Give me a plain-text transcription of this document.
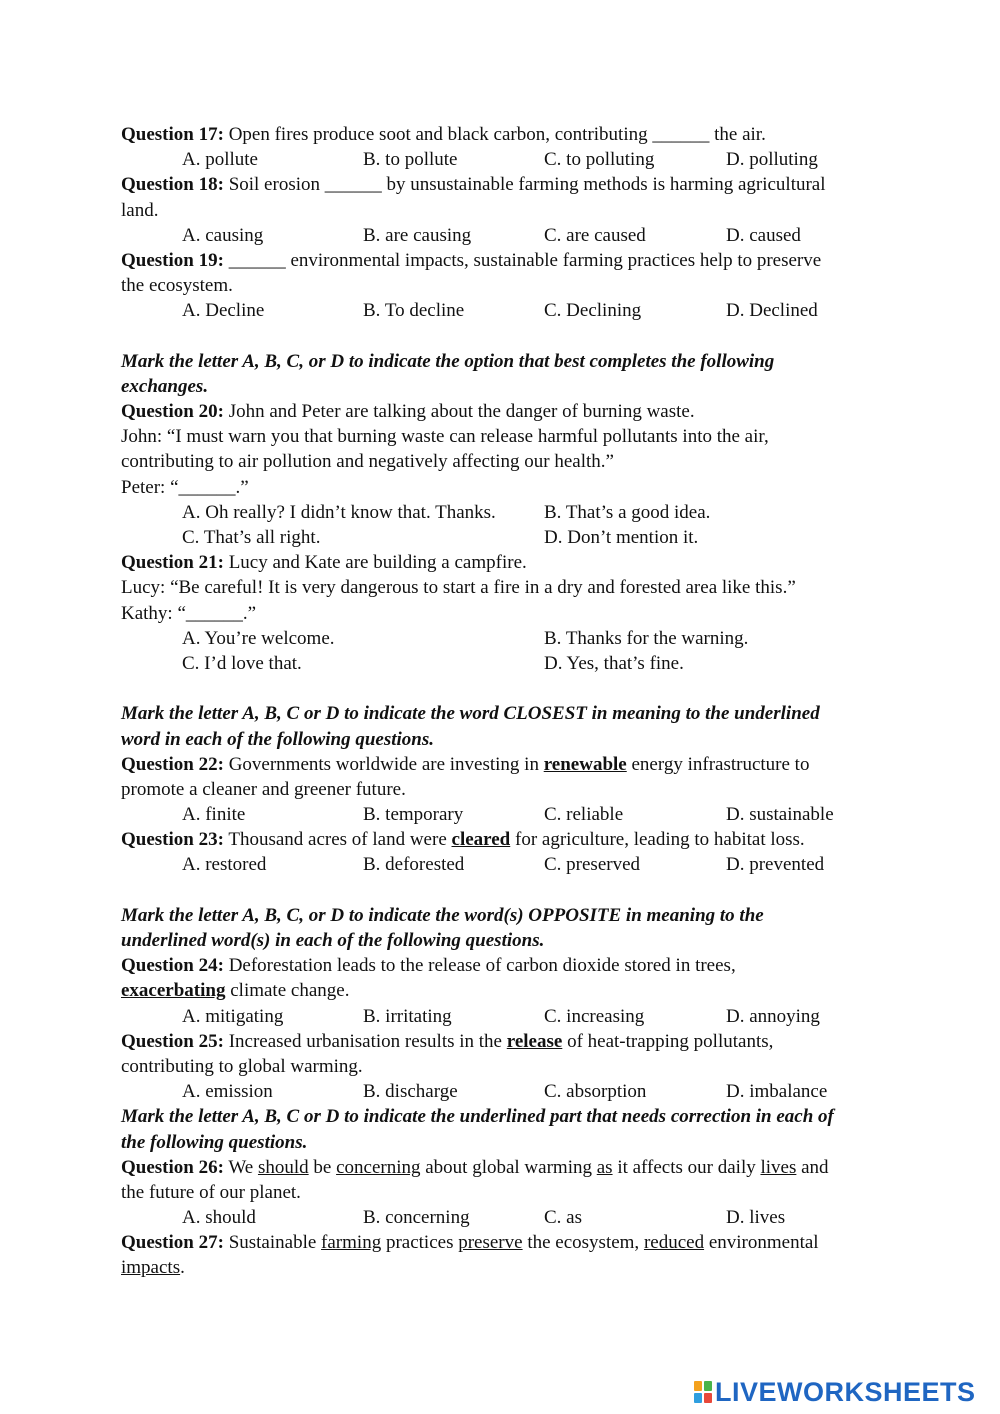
Question 17: Open fires produce soot and black carbon, contributing ______ the air.
A. pollute	B. to pollute	C. to polluting	D. polluting
Question 18: Soil erosion ______ by unsustainable farming methods is harming agricultural
land.
A. causing	B. are causing	C. are caused	D. caused
Question 19: ______ environmental impacts, sustainable farming practices help to preserve
the ecosystem.
A. Decline	B. To decline	C. Declining	D. Declined
Mark the letter A, B, C, or D to indicate the option that best completes the following
exchanges.
Question 20: John and Peter are talking about the danger of burning waste.
John: “I must warn you that burning waste can release harmful pollutants into the air,
contributing to air pollution and negatively affecting our health.”
Peter: “______.”
A. Oh really? I didn’t know that. Thanks.	B. That’s a good idea.
C. That’s all right.	D. Don’t mention it.
Question 21: Lucy and Kate are building a campfire.
Lucy: “Be careful! It is very dangerous to start a fire in a dry and forested area like this.”
Kathy: “______.”
A. You’re welcome.	B. Thanks for the warning.
C. I’d love that.	D. Yes, that’s fine.
Mark the letter A, B, C or D to indicate the word CLOSEST in meaning to the underlined
word in each of the following questions.
Question 22: Governments worldwide are investing in renewable energy infrastructure to
promote a cleaner and greener future.
A. finite	B. temporary	C. reliable	D. sustainable
Question 23: Thousand acres of land were cleared for agriculture, leading to habitat loss.
A. restored	B. deforested	C. preserved	D. prevented
Mark the letter A, B, C, or D to indicate the word(s) OPPOSITE in meaning to the
underlined word(s) in each of the following questions.
Question 24: Deforestation leads to the release of carbon dioxide stored in trees,
exacerbating climate change.
A. mitigating	B. irritating	C. increasing	D. annoying
Question 25: Increased urbanisation results in the release of heat-trapping pollutants,
contributing to global warming.
A. emission	B. discharge	C. absorption	D. imbalance
Mark the letter A, B, C or D to indicate the underlined part that needs correction in each of
the following questions.
Question 26: We should be concerning about global warming as it affects our daily lives and
the future of our planet.
A. should	B. concerning	C. as	D. lives
Question 27: Sustainable farming practices preserve the ecosystem, reduced environmental
impacts.
LIVEWORKSHEETS
